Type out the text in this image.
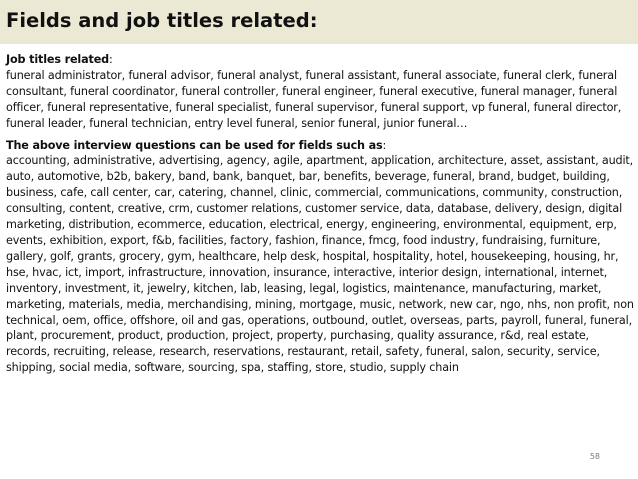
Fields and job titles related:

Job titles related:

funeral administrator, funeral advisor, funeral analyst, funeral assistant, funeral associate, funeral clerk, funeral consultant, funeral coordinator, funeral controller, funeral engineer, funeral executive, funeral manager, funeral officer, funeral representative, funeral specialist, funeral supervisor, funeral support, vp funeral, funeral director, funeral leader, funeral technician, entry level funeral, senior funeral, junior funeral…

The above interview questions can be used for fields such as:

accounting, administrative, advertising, agency, agile, apartment, application, architecture, asset, assistant, audit, auto, automotive, b2b, bakery, band, bank, banquet, bar, benefits, beverage, funeral, brand, budget, building, business, cafe, call center, car, catering, channel, clinic, commercial, communications, community, construction, consulting, content, creative, crm, customer relations, customer service, data, database, delivery, design, digital marketing, distribution, ecommerce, education, electrical, energy, engineering, environmental, equipment, erp, events, exhibition, export, f&b, facilities, factory, fashion, finance, fmcg, food industry, fundraising, furniture, gallery, golf, grants, grocery, gym, healthcare, help desk, hospital, hospitality, hotel, housekeeping, housing, hr, hse, hvac, ict, import, infrastructure, innovation, insurance, interactive, interior design, international, internet, inventory, investment, it, jewelry, kitchen, lab, leasing, legal, logistics, maintenance, manufacturing, market, marketing, materials, media, merchandising, mining, mortgage, music, network, new car, ngo, nhs, non profit, non technical, oem, office, offshore, oil and gas, operations, outbound, outlet, overseas, parts, payroll, funeral, funeral, plant, procurement, product, production, project, property, purchasing, quality assurance, r&d, real estate, records, recruiting, release, research, reservations, restaurant, retail, safety, funeral, salon, security, service, shipping, social media, software, sourcing, spa, staffing, store, studio, supply chain

58
